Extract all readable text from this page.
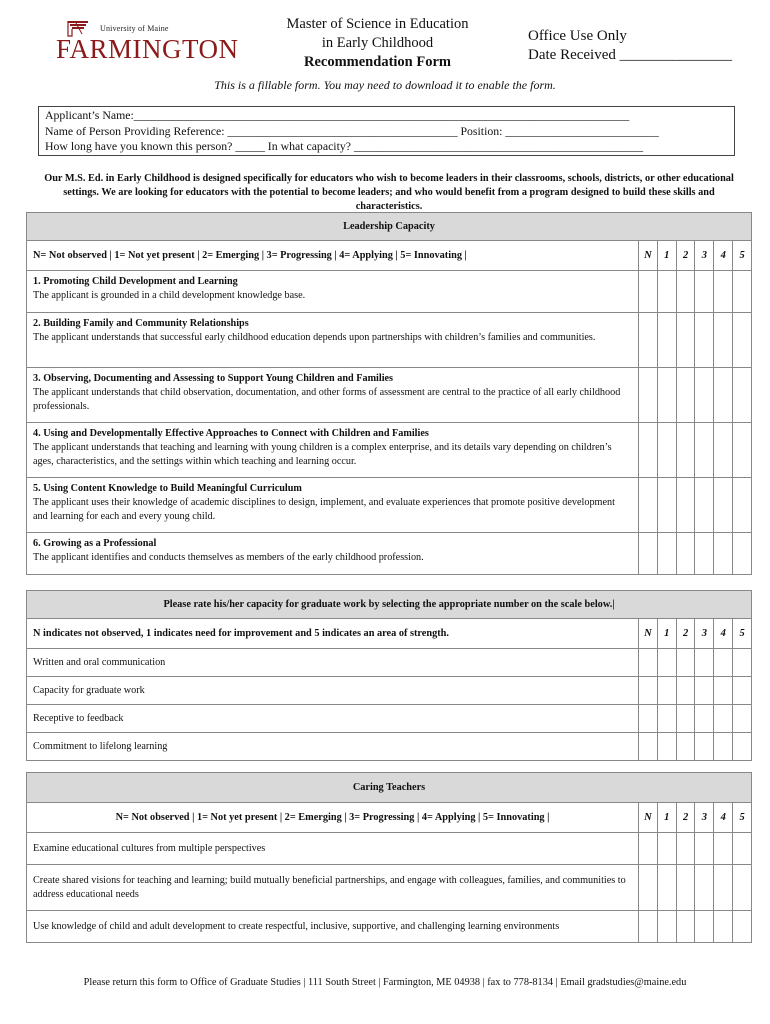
University of Maine
FARMINGTON
Master of Science in Education
in Early Childhood
Recommendation Form
Office Use Only
Date Received _______________
This is a fillable form. You may need to download it to enable the form.
Applicant’s Name:____________________________________________________________________________________
Name of Person Providing Reference: _______________________________________ Position: __________________________
How long have you known this person? _____ In what capacity? _________________________________________________
Our M.S. Ed. in Early Childhood is designed specifically for educators who wish to become leaders in their classrooms, schools, districts, or other educational settings. We are looking for educators with the potential to become leaders; and who would benefit from a program designed to build these skills and characteristics.
Leadership Capacity						
N= Not observed | 1= Not yet present | 2= Emerging | 3= Progressing | 4= Applying | 5= Innovating |	N	1	2	3	4	5

1. Promoting Child Development and Learning
The applicant is grounded in a child development knowledge base.						

2. Building Family and Community Relationships
The applicant understands that successful early childhood education depends upon partnerships with children’s families and communities.						

3. Observing, Documenting and Assessing to Support Young Children and Families
The applicant understands that child observation, documentation, and other forms of assessment are central to the practice of all early childhood professionals.						

4. Using and Developmentally Effective Approaches to Connect with Children and Families
The applicant understands that teaching and learning with young children is a complex enterprise, and its details vary depending on children’s ages, characteristics, and the settings within which teaching and learning occur.						

5. Using Content Knowledge to Build Meaningful Curriculum
The applicant uses their knowledge of academic disciplines to design, implement, and evaluate experiences that promote positive development and learning for each and every young child.						

6. Growing as a Professional
The applicant identifies and conducts themselves as members of the early childhood profession.						
Please rate his/her capacity for graduate work by selecting the appropriate number on the scale below.|						
N indicates not observed, 1 indicates need for improvement and 5 indicates an area of strength.	N	1	2	3	4	5
Written and oral communication						
Capacity for graduate work						
Receptive to feedback						
Commitment to lifelong learning						
Caring Teachers						
N= Not observed | 1= Not yet present | 2= Emerging | 3= Progressing | 4= Applying | 5= Innovating |	N	1	2	3	4	5
Examine educational cultures from multiple perspectives						
Create shared visions for teaching and learning; build mutually beneficial partnerships, and engage with colleagues, families, and communities to address educational needs						
Use knowledge of child and adult development to create respectful, inclusive, supportive, and challenging learning environments						
Please return this form to Office of Graduate Studies | 111 South Street | Farmington, ME 04938 | fax to 778-8134 | Email gradstudies@maine.edu
